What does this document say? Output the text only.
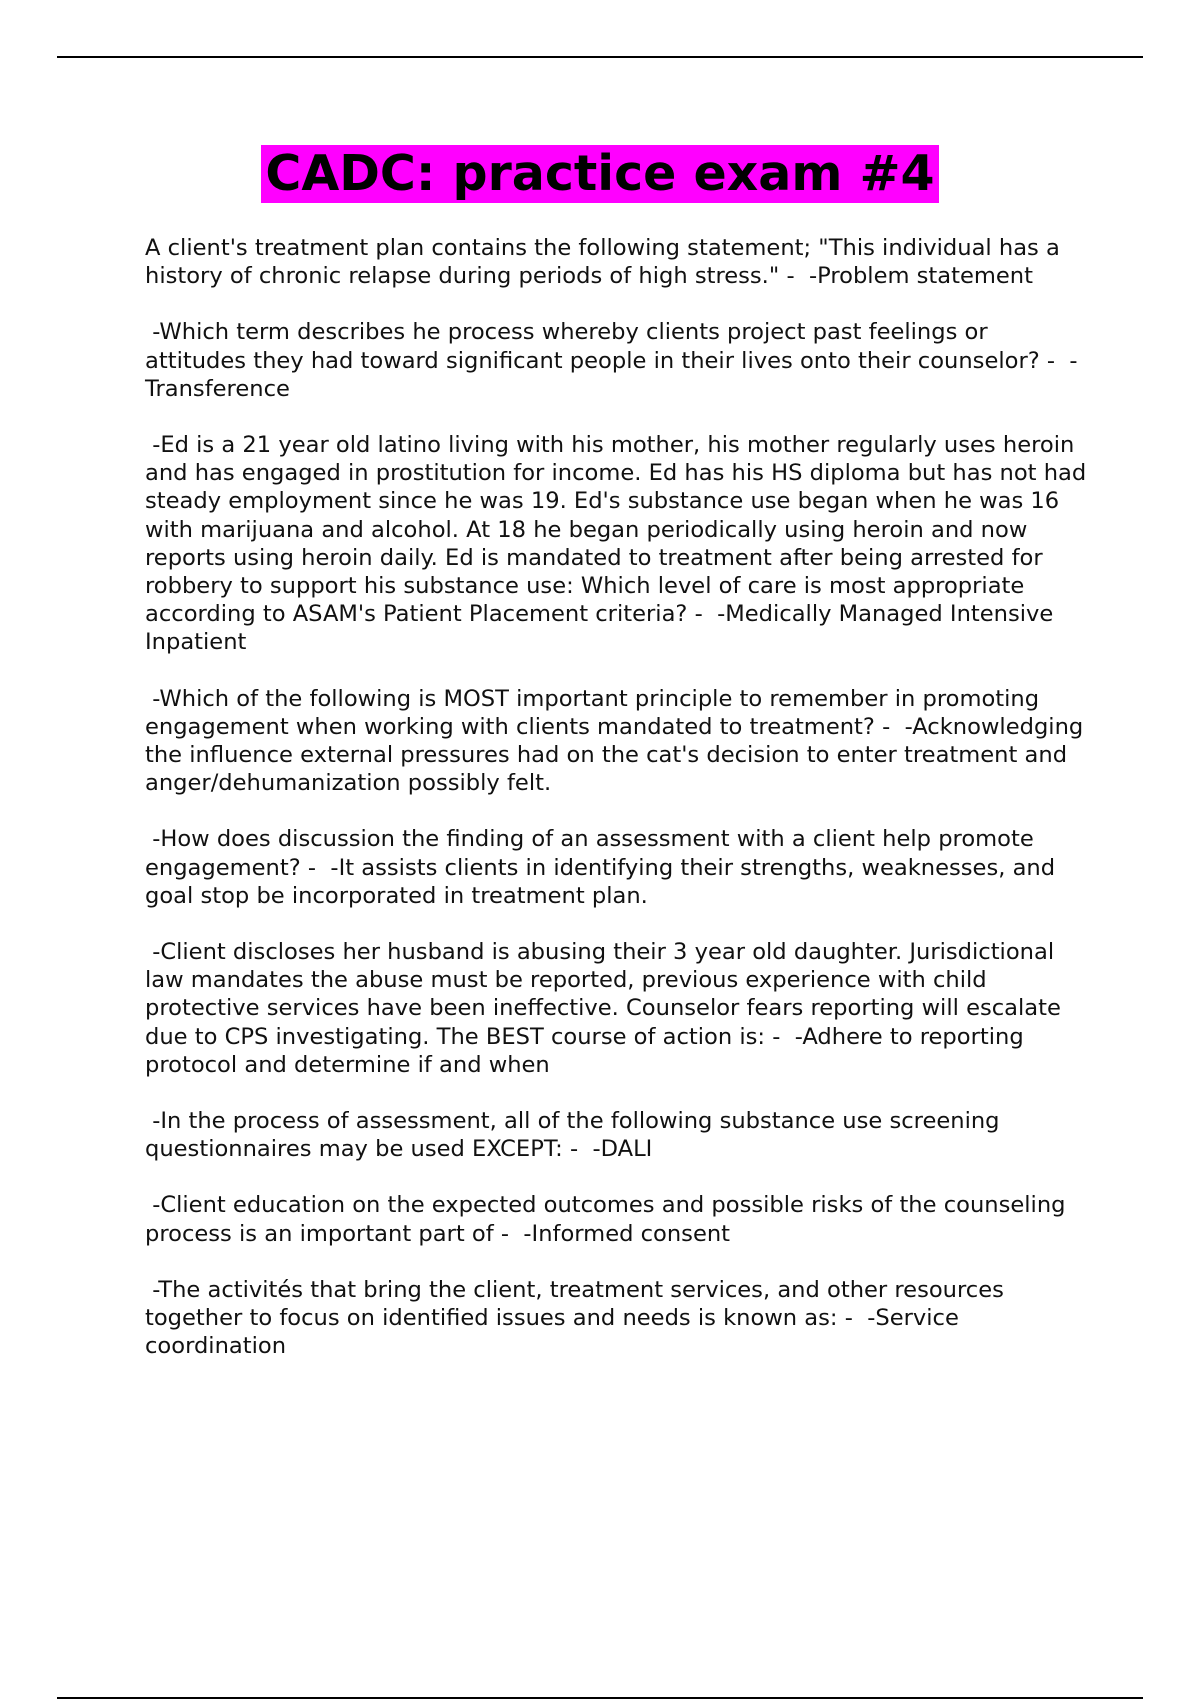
CADC: practice exam #4

A client's treatment plan contains the following statement; "This individual has a history of chronic relapse during periods of high stress." -  -Problem statement

-Which term describes he process whereby clients project past feelings or attitudes they had toward significant people in their lives onto their counselor? -  -Transference

-Ed is a 21 year old latino living with his mother, his mother regularly uses heroin and has engaged in prostitution for income. Ed has his HS diploma but has not had steady employment since he was 19. Ed's substance use began when he was 16 with marijuana and alcohol. At 18 he began periodically using heroin and now reports using heroin daily. Ed is mandated to treatment after being arrested for robbery to support his substance use: Which level of care is most appropriate according to ASAM's Patient Placement criteria? -  -Medically Managed Intensive Inpatient

-Which of the following is MOST important principle to remember in promoting engagement when working with clients mandated to treatment? -  -Acknowledging the influence external pressures had on the cat's decision to enter treatment and anger/dehumanization possibly felt.

-How does discussion the finding of an assessment with a client help promote engagement? -  -It assists clients in identifying their strengths, weaknesses, and goal stop be incorporated in treatment plan.

-Client discloses her husband is abusing their 3 year old daughter. Jurisdictional law mandates the abuse must be reported, previous experience with child protective services have been ineffective. Counselor fears reporting will escalate due to CPS investigating. The BEST course of action is: -  -Adhere to reporting protocol and determine if and when

-In the process of assessment, all of the following substance use screening questionnaires may be used EXCEPT: -  -DALI

-Client education on the expected outcomes and possible risks of the counseling process is an important part of -  -Informed consent

-The activités that bring the client, treatment services, and other resources together to focus on identified issues and needs is known as: -  -Service coordination
